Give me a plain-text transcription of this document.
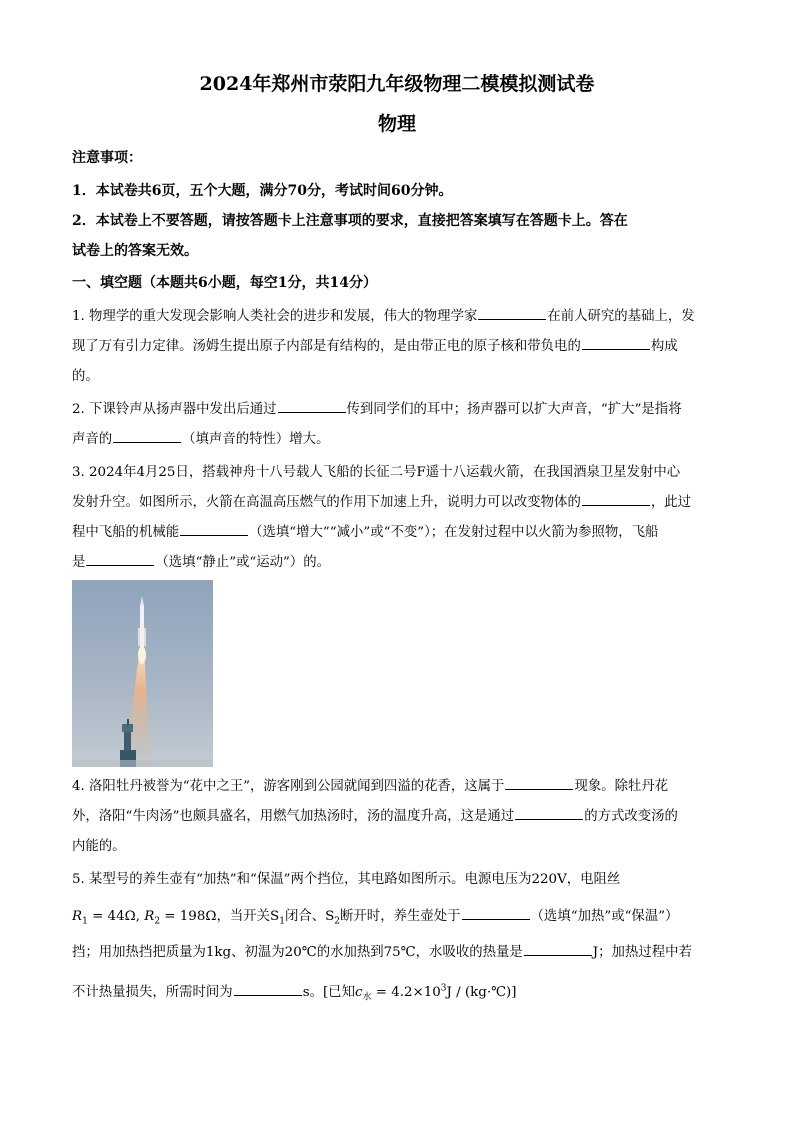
2024年郑州市荥阳九年级物理二模模拟测试卷
物理
注意事项：
1．本试卷共6页，五个大题，满分70分，考试时间60分钟。
2．本试卷上不要答题，请按答题卡上注意事项的要求，直接把答案填写在答题卡上。答在
试卷上的答案无效。
一、填空题（本题共6小题，每空1分，共14分）
1. 物理学的重大发现会影响人类社会的进步和发展，伟大的物理学家	在前人研究的基础上，发
现了万有引力定律。汤姆生提出原子内部是有结构的，是由带正电的原子核和带负电的	构成
的。
2. 下课铃声从扬声器中发出后通过	传到同学们的耳中；扬声器可以扩大声音，“扩大”是指将
声音的	（填声音的特性）增大。
3. 2024年4月25日，搭载神舟十八号载人飞船的长征二号F遥十八运载火箭，在我国酒泉卫星发射中心
发射升空。如图所示，火箭在高温高压燃气的作用下加速上升，说明力可以改变物体的	，此过
程中飞船的机械能	（选填“增大”“减小”或“不变”）；在发射过程中以火箭为参照物，飞船
是	（选填“静止”或“运动”）的。
4. 洛阳牡丹被誉为“花中之王”，游客刚到公园就闻到四溢的花香，这属于	现象。除牡丹花
外，洛阳“牛肉汤”也颇具盛名，用燃气加热汤时，汤的温度升高，这是通过	的方式改变汤的
内能的。
5. 某型号的养生壶有“加热”和“保温”两个挡位，其电路如图所示。电源电压为220V，电阻丝
$R_1 = 44\Omega$, $R_2 = 198\Omega$，当开关$S_1$闭合、$S_2$断开时，养生壶处于	（选填“加热”或“保温”）
挡；用加热挡把质量为1kg、初温为20℃的水加热到75℃，水吸收的热量是	J；加热过程中若
不计热量损失，所需时间为	s。[已知$c_水 = 4.2\times 10^3J$ / (kg·℃)]
